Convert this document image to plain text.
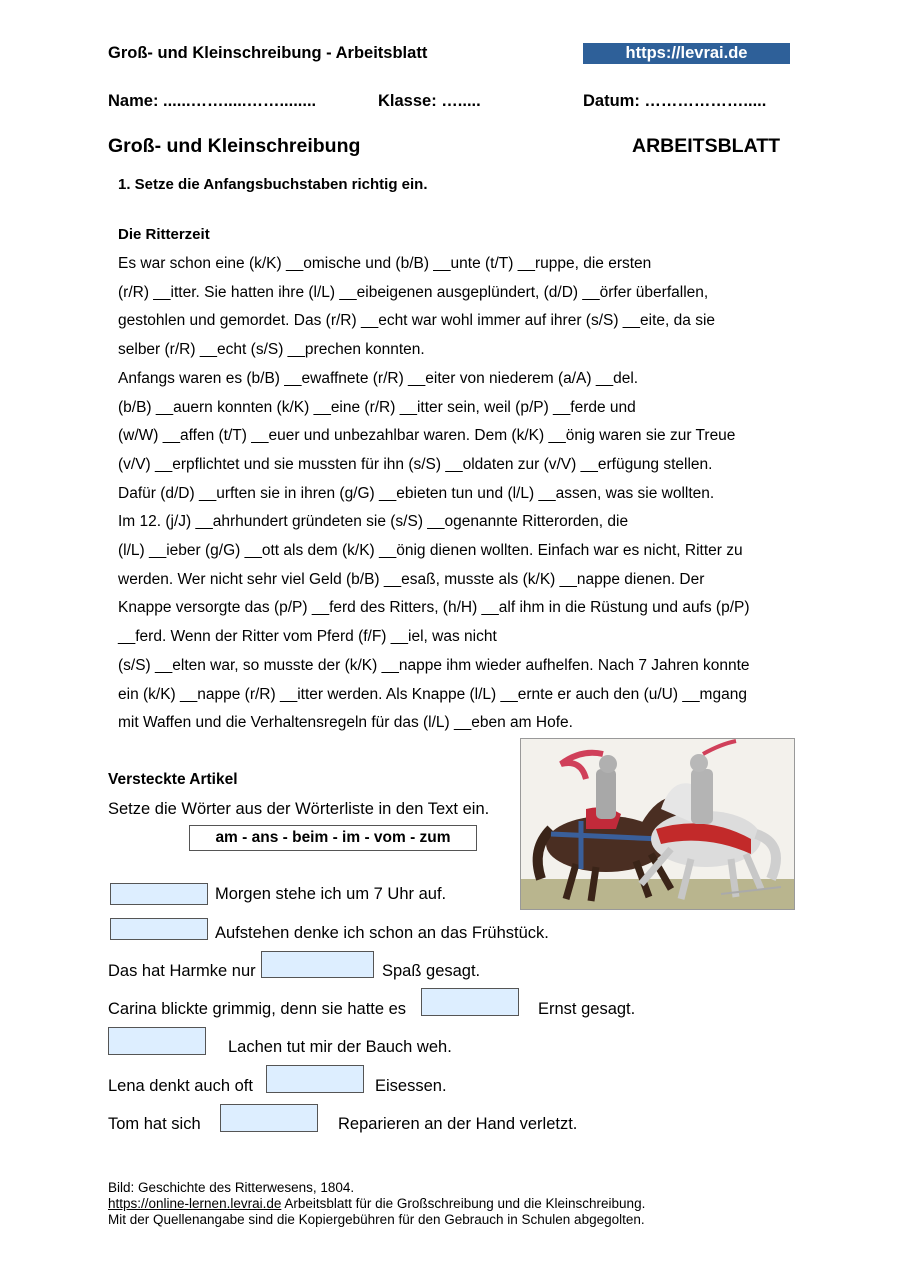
Groß- und Kleinschreibung - Arbeitsblatt	https://levrai.de
Name: ......…….....……........	Klasse: ….....	Datum: ……………….....
Groß- und Kleinschreibung	ARBEITSBLATT
1. Setze die Anfangsbuchstaben richtig ein.
Die Ritterzeit
Es war schon eine (k/K) __omische und (b/B) __unte (t/T) __ruppe, die ersten
(r/R) __itter. Sie hatten ihre (l/L) __eibeigenen ausgeplündert, (d/D) __örfer überfallen,
gestohlen und gemordet. Das (r/R) __echt war wohl immer auf ihrer (s/S) __eite, da sie
selber (r/R) __echt (s/S) __prechen konnten.
Anfangs waren es (b/B) __ewaffnete (r/R) __eiter von niederem (a/A) __del.
(b/B) __auern konnten (k/K) __eine (r/R) __itter sein, weil (p/P) __ferde und
(w/W) __affen (t/T) __euer und unbezahlbar waren. Dem (k/K) __önig waren sie zur Treue
(v/V) __erpflichtet und sie mussten für ihn (s/S) __oldaten zur (v/V) __erfügung stellen.
Dafür (d/D) __urften sie in ihren (g/G) __ebieten tun und (l/L) __assen, was sie wollten.
Im 12. (j/J) __ahrhundert gründeten sie (s/S) __ogenannte Ritterorden, die
(l/L) __ieber (g/G) __ott als dem (k/K) __önig dienen wollten. Einfach war es nicht, Ritter zu
werden. Wer nicht sehr viel Geld (b/B) __esaß, musste als (k/K) __nappe dienen. Der
Knappe versorgte das (p/P) __ferd des Ritters, (h/H) __alf ihm in die Rüstung und aufs (p/P)
__ferd. Wenn der Ritter vom Pferd (f/F) __iel, was nicht
(s/S) __elten war, so musste der (k/K) __nappe ihm wieder aufhelfen. Nach 7 Jahren konnte
ein (k/K) __nappe (r/R) __itter werden. Als Knappe (l/L) __ernte er auch den (u/U) __mgang
mit Waffen und die Verhaltensregeln für das (l/L) __eben am Hofe.
Versteckte Artikel
Setze die Wörter aus der Wörterliste in den Text ein.
am - ans - beim - im - vom - zum
Morgen stehe ich um 7 Uhr auf.
Aufstehen denke ich schon an das Frühstück.
Das hat Harmke nur	Spaß gesagt.
Carina blickte grimmig, denn sie hatte es	Ernst gesagt.
Lachen tut mir der Bauch weh.
Lena denkt auch oft	Eisessen.
Tom hat sich	Reparieren an der Hand verletzt.
Bild: Geschichte des Ritterwesens, 1804.
https://online-lernen.levrai.de Arbeitsblatt für die Großschreibung und die Kleinschreibung.
Mit der Quellenangabe sind die Kopiergebühren für den Gebrauch in Schulen abgegolten.
